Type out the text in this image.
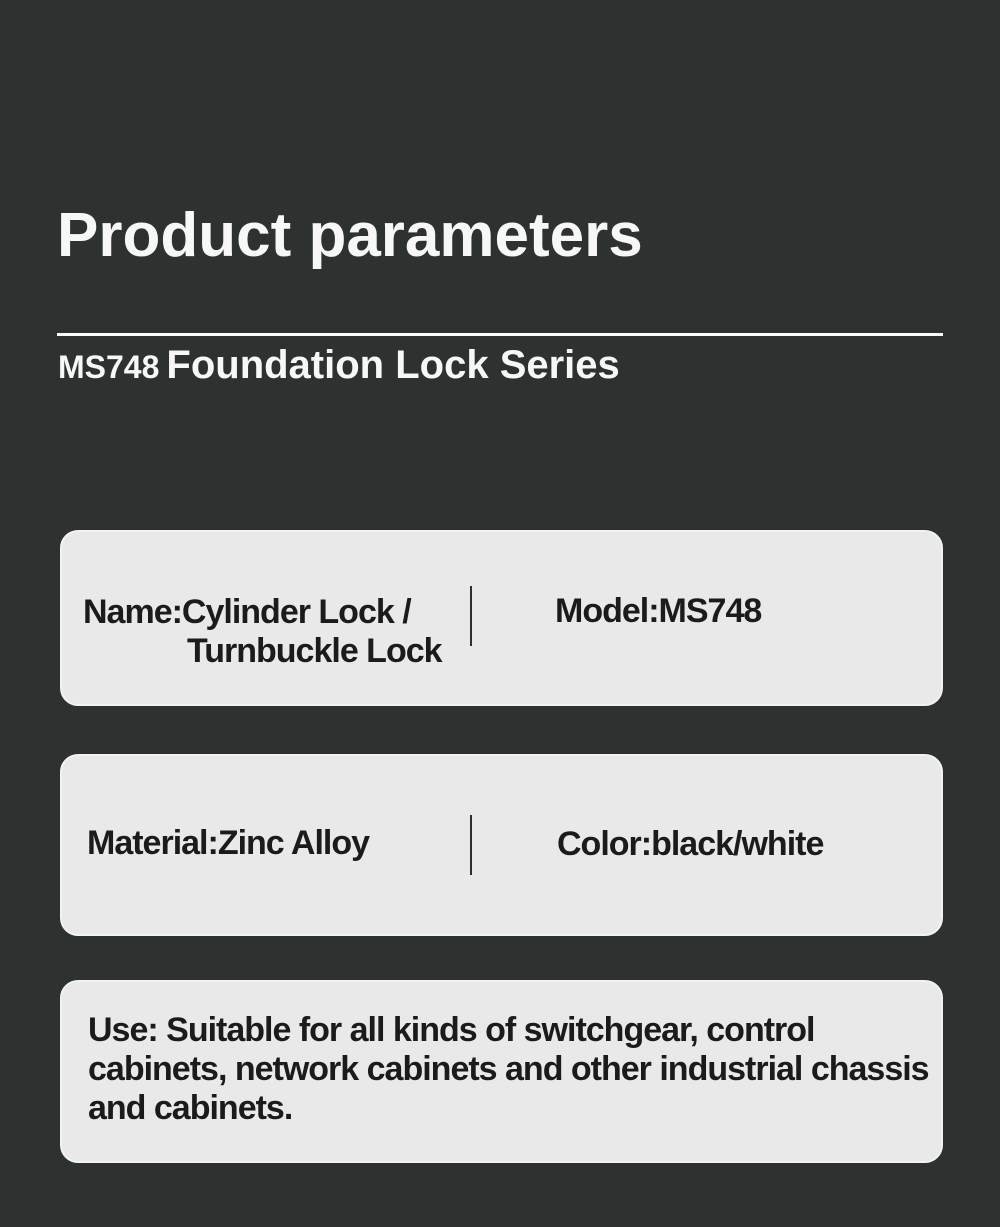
Product parameters
MS748 Foundation Lock Series
Name:Cylinder Lock /
Turnbuckle Lock
Model:MS748
Material:Zinc Alloy	Color:black/white
Use: Suitable for all kinds of switchgear, control
cabinets, network cabinets and other industrial chassis
and cabinets.
